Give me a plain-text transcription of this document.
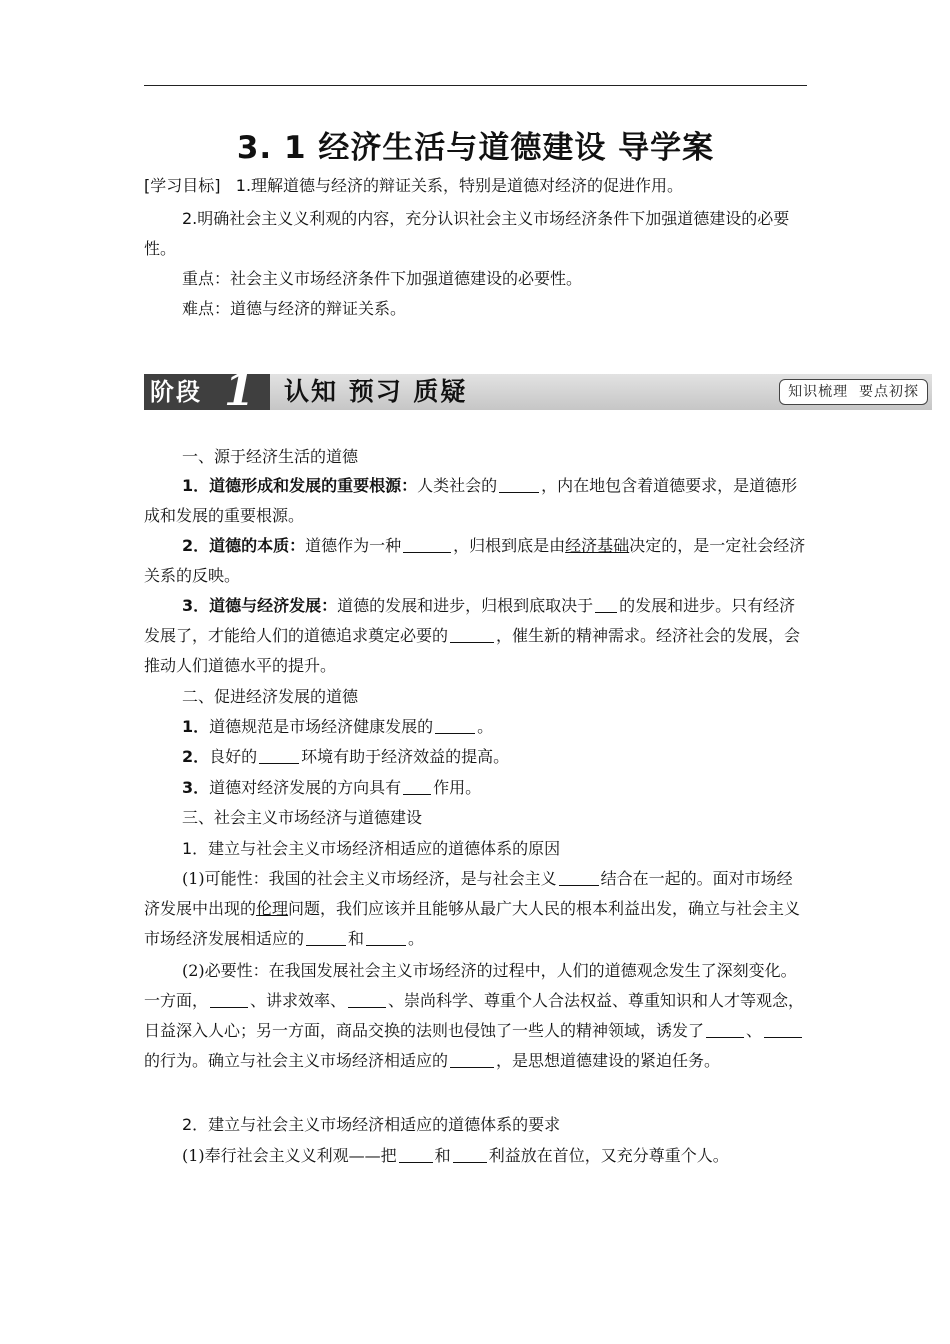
3. 1 经济生活与道德建设 导学案
[学习目标] 1.理解道德与经济的辩证关系，特别是道德对经济的促进作用。
2.明确社会主义义利观的内容，充分认识社会主义市场经济条件下加强道德建设的必要性。
重点：社会主义市场经济条件下加强道德建设的必要性。
难点：道德与经济的辩证关系。
阶段 1 认知 预习 质疑	知识梳理  要点初探
一、源于经济生活的道德
1．道德形成和发展的重要根源：人类社会的	，内在地包含着道德要求，是道德形成和发展的重要根源。
2．道德的本质：道德作为一种	，归根到底是由经济基础决定的，是一定社会经济关系的反映。
3．道德与经济发展：道德的发展和进步，归根到底取决于 的发展和进步。只有经济发展了，才能给人们的道德追求奠定必要的	，催生新的精神需求。经济社会的发展，会推动人们道德水平的提升。
二、促进经济发展的道德
1．道德规范是市场经济健康发展的	。
2．良好的	环境有助于经济效益的提高。
3．道德对经济发展的方向具有 作用。
三、社会主义市场经济与道德建设
1．建立与社会主义市场经济相适应的道德体系的原因
(1)可能性：我国的社会主义市场经济，是与社会主义	结合在一起的。面对市场经济发展中出现的伦理问题，我们应该并且能够从最广大人民的根本利益出发，确立与社会主义市场经济发展相适应的	和	。
(2)必要性：在我国发展社会主义市场经济的过程中，人们的道德观念发生了深刻变化。一方面，	、讲求效率、	、崇尚科学、尊重个人合法权益、尊重知识和人才等观念，日益深入人心；另一方面，商品交换的法则也侵蚀了一些人的精神领域，诱发了	、的行为。确立与社会主义市场经济相适应的	，是思想道德建设的紧迫任务。
2．建立与社会主义市场经济相适应的道德体系的要求
(1)奉行社会主义义利观——把 和 利益放在首位，又充分尊重个人。
